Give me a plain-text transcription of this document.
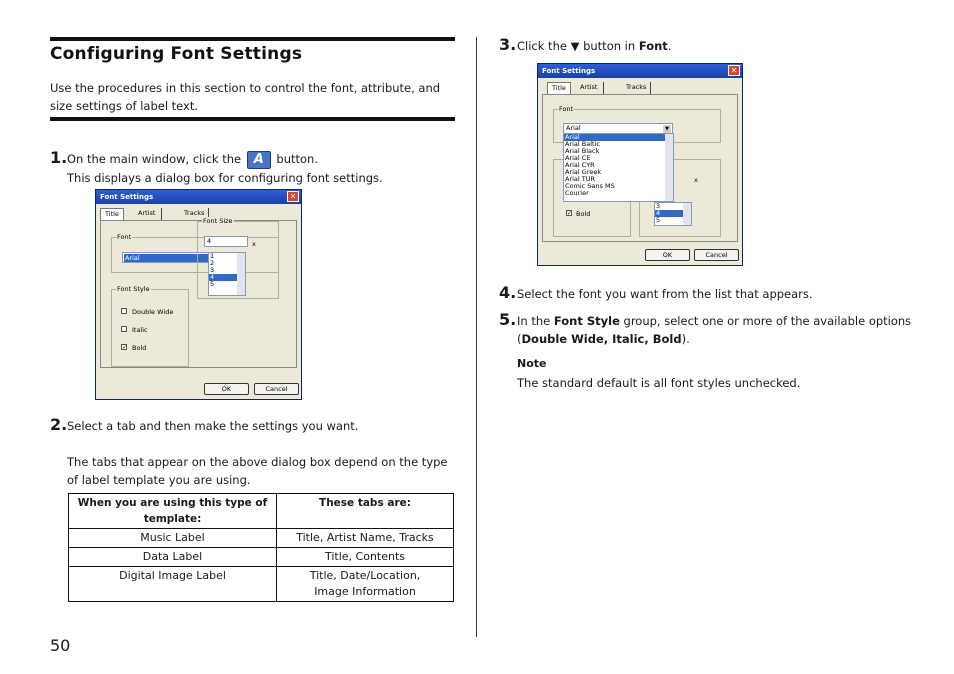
Configuring Font Settings
Use the procedures in this section to control the font, attribute, and size settings of label text.
1. On the main window, click the A button.
This displays a dialog box for configuring font settings.
Font Settings	✕
Title	Artist	Tracks
Font
Arial
Font Style
Double Wide
Italic
✓ Bold
Font Size
4	x
1
2
3
4
5
OK	Cancel
2. Select a tab and then make the settings you want.
The tabs that appear on the above dialog box depend on the type of label template you are using.
When you are using this type of template:	These tabs are:
Music Label	Title, Artist Name, Tracks
Data Label	Title, Contents
Digital Image Label	Title, Date/Location, Image Information
50
3. Click the ▼ button in Font.
Font Settings	✕
Title	Artist	Tracks
Font
✓ Bold
x
3
4
5
Arial	▼
Arial
Arial Baltic
Arial Black
Arial CE
Arial CYR
Arial Greek
Arial TUR
Comic Sans MS
Courier
OK	Cancel
4. Select the font you want from the list that appears.
5. In the Font Style group, select one or more of the available options (Double Wide, Italic, Bold).
Note
The standard default is all font styles unchecked.
